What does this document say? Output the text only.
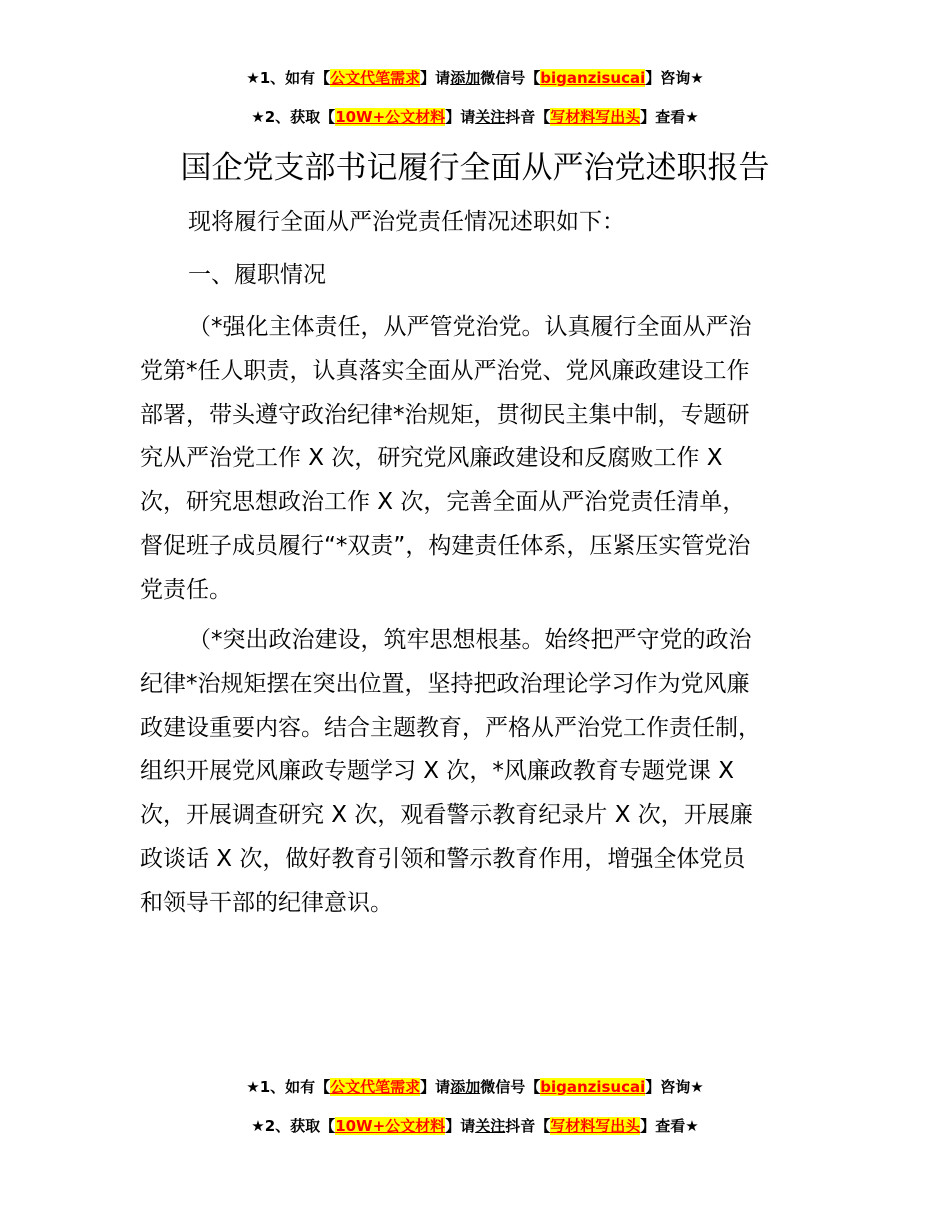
★1、如有【公文代笔需求】请添加微信号【biganzisucai】咨询★
★2、获取【10W+公文材料】请关注抖音【写材料写出头】查看★
国企党支部书记履行全面从严治党述职报告
现将履行全面从严治党责任情况述职如下：
一、履职情况
（*强化主体责任，从严管党治党。认真履行全面从严治
党第*任人职责，认真落实全面从严治党、党风廉政建设工作
部署，带头遵守政治纪律*治规矩，贯彻民主集中制，专题研
究从严治党工作 X 次，研究党风廉政建设和反腐败工作 X
次，研究思想政治工作 X 次，完善全面从严治党责任清单，
督促班子成员履行“*双责”，构建责任体系，压紧压实管党治
党责任。
（*突出政治建设，筑牢思想根基。始终把严守党的政治
纪律*治规矩摆在突出位置，坚持把政治理论学习作为党风廉
政建设重要内容。结合主题教育，严格从严治党工作责任制，
组织开展党风廉政专题学习 X 次，*风廉政教育专题党课 X
次，开展调查研究 X 次，观看警示教育纪录片 X 次，开展廉
政谈话 X 次，做好教育引领和警示教育作用，增强全体党员
和领导干部的纪律意识。
★1、如有【公文代笔需求】请添加微信号【biganzisucai】咨询★
★2、获取【10W+公文材料】请关注抖音【写材料写出头】查看★
